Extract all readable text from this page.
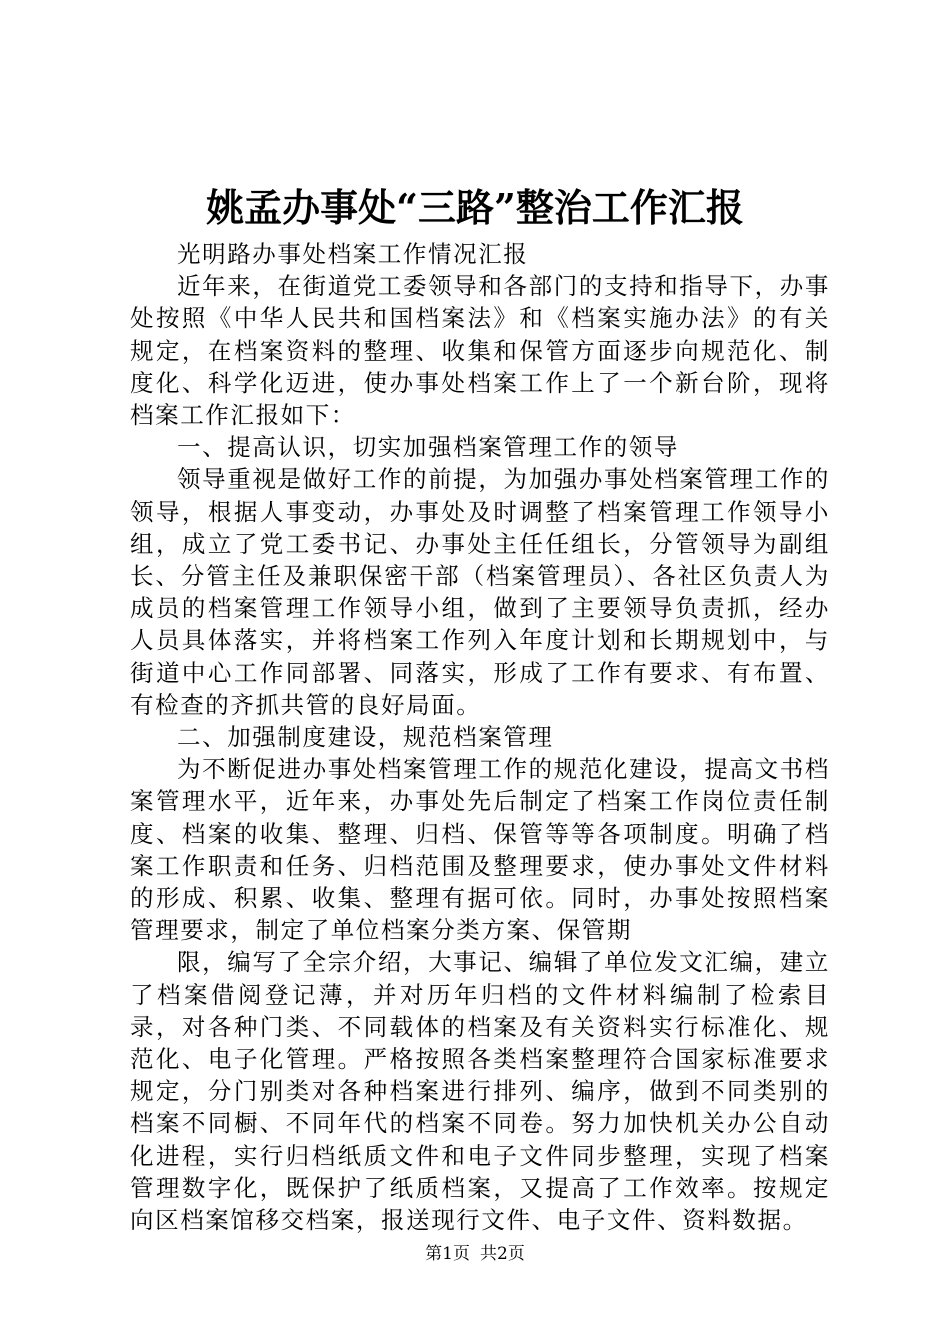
姚孟办事处“三路”整治工作汇报

光明路办事处档案工作情况汇报

近年来，在街道党工委领导和各部门的支持和指导下，办事处按照《中华人民共和国档案法》和《档案实施办法》的有关规定，在档案资料的整理、收集和保管方面逐步向规范化、制度化、科学化迈进，使办事处档案工作上了一个新台阶，现将档案工作汇报如下：

一、提高认识，切实加强档案管理工作的领导

领导重视是做好工作的前提，为加强办事处档案管理工作的领导，根据人事变动，办事处及时调整了档案管理工作领导小组，成立了党工委书记、办事处主任任组长，分管领导为副组长、分管主任及兼职保密干部（档案管理员）、各社区负责人为成员的档案管理工作领导小组，做到了主要领导负责抓，经办人员具体落实，并将档案工作列入年度计划和长期规划中，与街道中心工作同部署、同落实，形成了工作有要求、有布置、有检查的齐抓共管的良好局面。

二、加强制度建设，规范档案管理

为不断促进办事处档案管理工作的规范化建设，提高文书档案管理水平，近年来，办事处先后制定了档案工作岗位责任制度、档案的收集、整理、归档、保管等等各项制度。明确了档案工作职责和任务、归档范围及整理要求，使办事处文件材料的形成、积累、收集、整理有据可依。同时，办事处按照档案管理要求，制定了单位档案分类方案、保管期

限，编写了全宗介绍，大事记、编辑了单位发文汇编，建立了档案借阅登记薄，并对历年归档的文件材料编制了检索目录，对各种门类、不同载体的档案及有关资料实行标准化、规范化、电子化管理。严格按照各类档案整理符合国家标准要求规定，分门别类对各种档案进行排列、编序，做到不同类别的档案不同橱、不同年代的档案不同卷。努力加快机关办公自动化进程，实行归档纸质文件和电子文件同步整理，实现了档案管理数字化，既保护了纸质档案，又提高了工作效率。按规定向区档案馆移交档案，报送现行文件、电子文件、资料数据。

第1页 共2页
